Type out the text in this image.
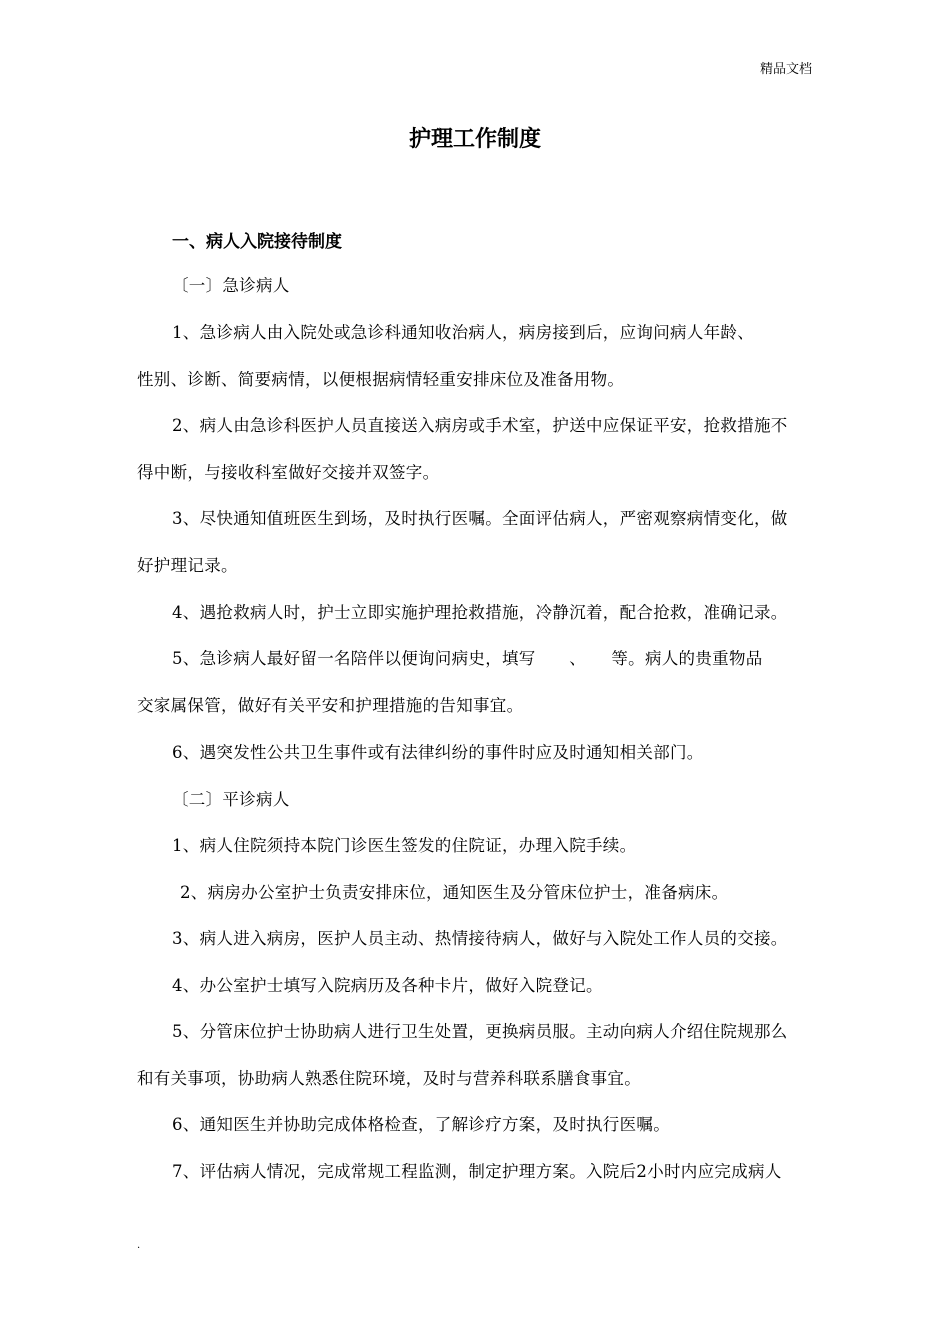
精品文档
护理工作制度
一、病人入院接待制度
〔一〕急诊病人
1、急诊病人由入院处或急诊科通知收治病人，病房接到后，应询问病人年龄、
性别、诊断、简要病情，以便根据病情轻重安排床位及准备用物。
2、病人由急诊科医护人员直接送入病房或手术室，护送中应保证平安，抢救措施不
得中断，与接收科室做好交接并双签字。
3、尽快通知值班医生到场，及时执行医嘱。全面评估病人，严密观察病情变化，做
好护理记录。
4、遇抢救病人时，护士立即实施护理抢救措施，冷静沉着，配合抢救，准确记录。
5、急诊病人最好留一名陪伴以便询问病史，填写　　、　　等。病人的贵重物品
交家属保管，做好有关平安和护理措施的告知事宜。
6、遇突发性公共卫生事件或有法律纠纷的事件时应及时通知相关部门。
〔二〕平诊病人
1、病人住院须持本院门诊医生签发的住院证，办理入院手续。
2、病房办公室护士负责安排床位，通知医生及分管床位护士，准备病床。
3、病人进入病房，医护人员主动、热情接待病人，做好与入院处工作人员的交接。
4、办公室护士填写入院病历及各种卡片，做好入院登记。
5、分管床位护士协助病人进行卫生处置，更换病员服。主动向病人介绍住院规那么
和有关事项，协助病人熟悉住院环境，及时与营养科联系膳食事宜。
6、通知医生并协助完成体格检查，了解诊疗方案，及时执行医嘱。
7、评估病人情况，完成常规工程监测，制定护理方案。入院后2小时内应完成病人
.
